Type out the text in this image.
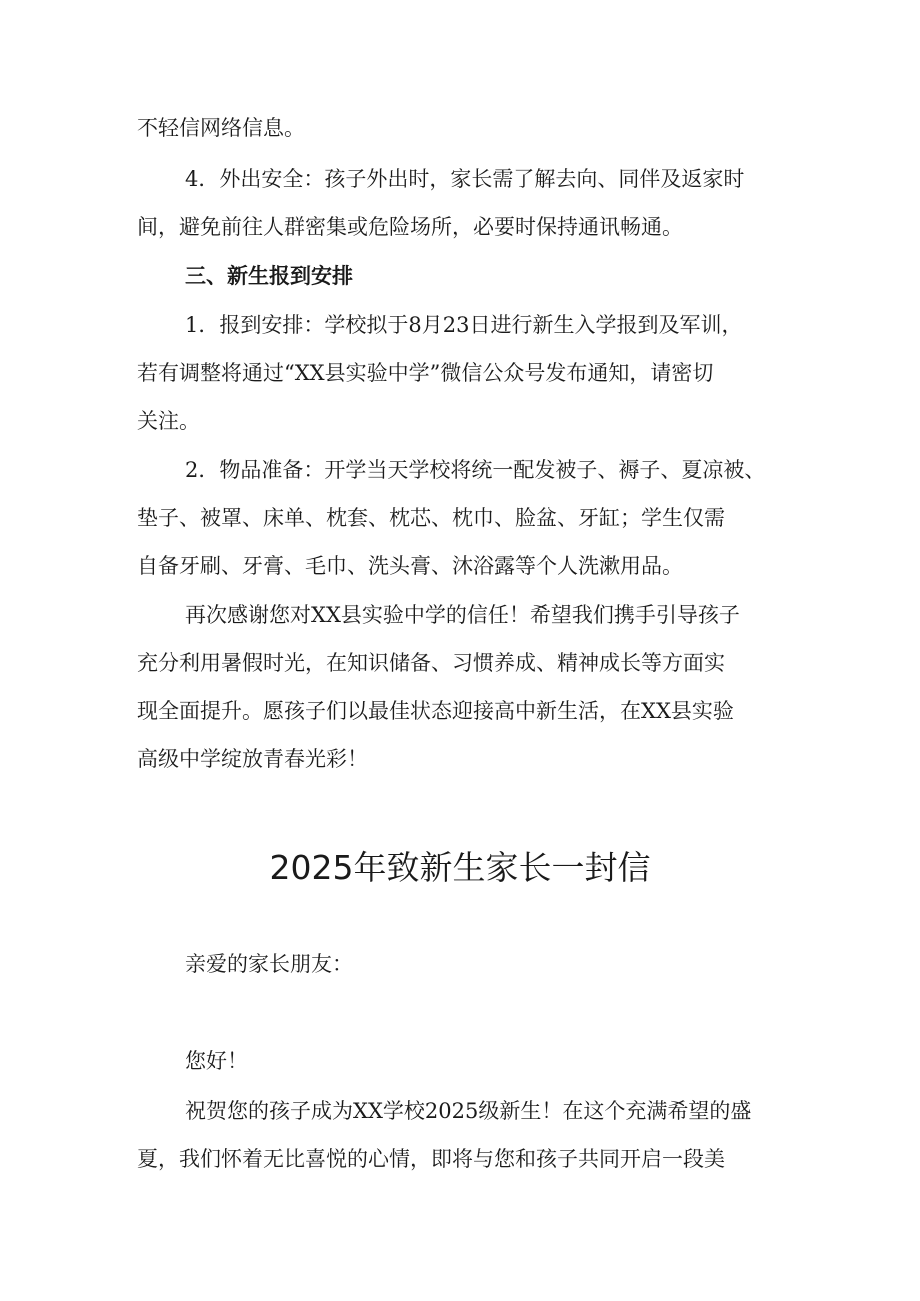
不轻信网络信息。

4．外出安全：孩子外出时，家长需了解去向、同伴及返家时
间，避免前往人群密集或危险场所，必要时保持通讯畅通。

三、新生报到安排

1．报到安排：学校拟于8月23日进行新生入学报到及军训，
若有调整将通过“XX县实验中学”微信公众号发布通知，请密切
关注。

2．物品准备：开学当天学校将统一配发被子、褥子、夏凉被、
垫子、被罩、床单、枕套、枕芯、枕巾、脸盆、牙缸；学生仅需
自备牙刷、牙膏、毛巾、洗头膏、沐浴露等个人洗漱用品。

再次感谢您对XX县实验中学的信任！希望我们携手引导孩子
充分利用暑假时光，在知识储备、习惯养成、精神成长等方面实
现全面提升。愿孩子们以最佳状态迎接高中新生活，在XX县实验
高级中学绽放青春光彩！

2025年致新生家长一封信

亲爱的家长朋友：

您好！

祝贺您的孩子成为XX学校2025级新生！在这个充满希望的盛
夏，我们怀着无比喜悦的心情，即将与您和孩子共同开启一段美
